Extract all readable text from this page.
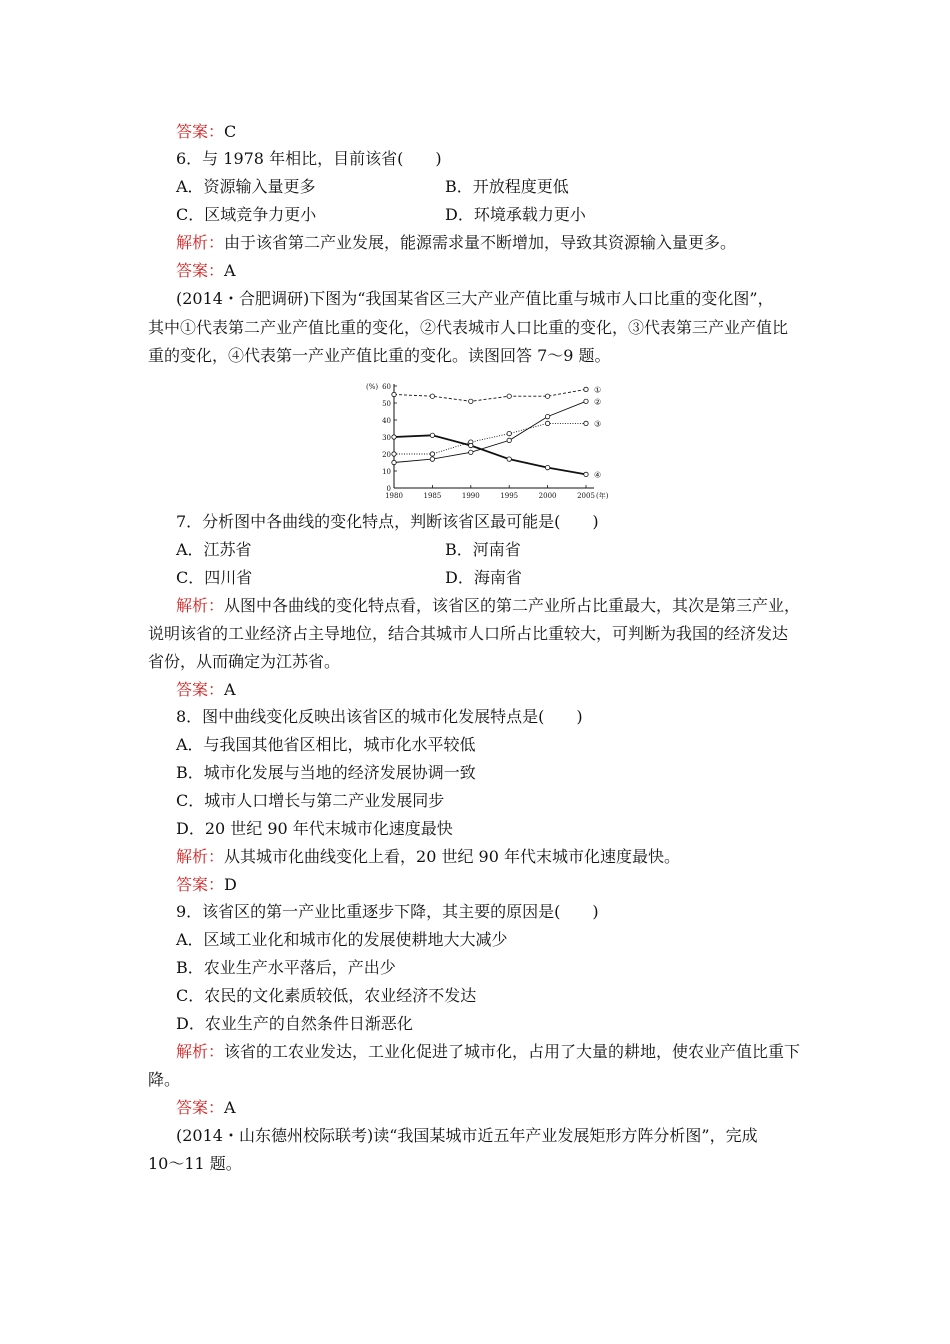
答案：C
6．与 1978 年相比，目前该省(　　)
A．资源输入量更多	B．开放程度更低
C．区域竞争力更小	D．环境承载力更小
解析：由于该省第二产业发展，能源需求量不断增加，导致其资源输入量更多。
答案：A
(2014・合肥调研)下图为“我国某省区三大产业产值比重与城市人口比重的变化图”，
其中①代表第二产业产值比重的变化，②代表城市人口比重的变化，③代表第三产业产值比
重的变化，④代表第一产业产值比重的变化。读图回答 7～9 题。
0
10
20
30
40
50
60
1980	1985	1990	1995	2000	2005
(%)
(年)
①
②
③
④
7．分析图中各曲线的变化特点，判断该省区最可能是(　　)
A．江苏省	B．河南省
C．四川省	D．海南省
解析：从图中各曲线的变化特点看，该省区的第二产业所占比重最大，其次是第三产业，
说明该省的工业经济占主导地位，结合其城市人口所占比重较大，可判断为我国的经济发达
省份，从而确定为江苏省。
答案：A
8．图中曲线变化反映出该省区的城市化发展特点是(　　)
A．与我国其他省区相比，城市化水平较低
B．城市化发展与当地的经济发展协调一致
C．城市人口增长与第二产业发展同步
D．20 世纪 90 年代末城市化速度最快
解析：从其城市化曲线变化上看，20 世纪 90 年代末城市化速度最快。
答案：D
9．该省区的第一产业比重逐步下降，其主要的原因是(　　)
A．区域工业化和城市化的发展使耕地大大减少
B．农业生产水平落后，产出少
C．农民的文化素质较低，农业经济不发达
D．农业生产的自然条件日渐恶化
解析：该省的工农业发达，工业化促进了城市化，占用了大量的耕地，使农业产值比重下
降。
答案：A
(2014・山东德州校际联考)读“我国某城市近五年产业发展矩形方阵分析图”，完成
10～11 题。
